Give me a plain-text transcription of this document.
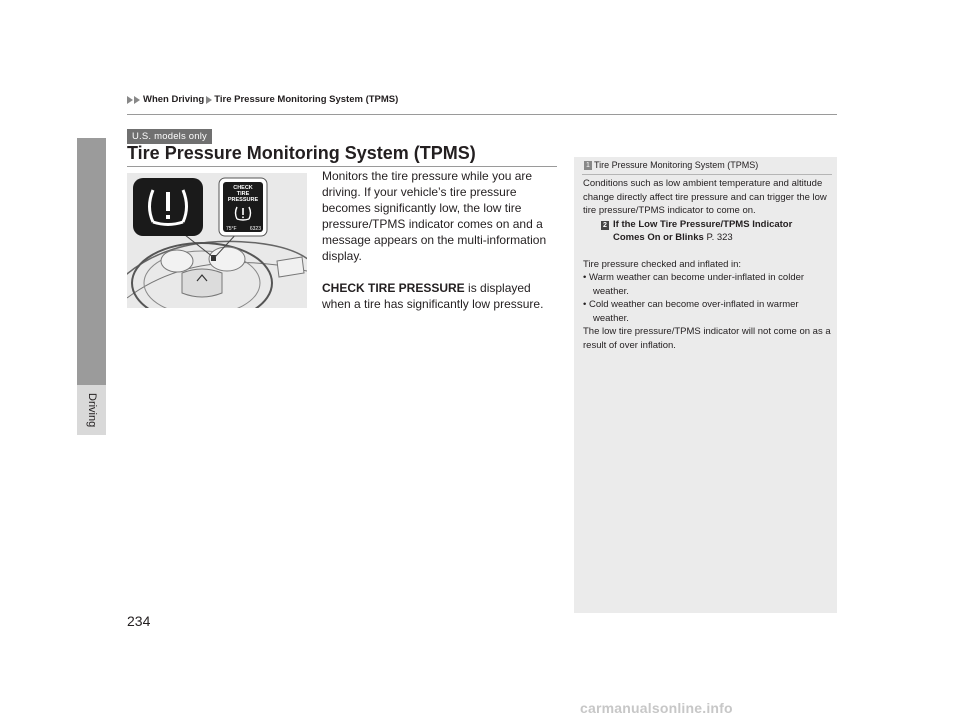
When Driving Tire Pressure Monitoring System (TPMS)
Driving
U.S. models only
Tire Pressure Monitoring System (TPMS)
CHECK
TIRE
PRESSURE
75°F	6323

Monitors the tire pressure while you are driving. If your vehicle’s tire pressure becomes significantly low, the low tire pressure/TPMS indicator comes on and a message appears on the multi-information display.

CHECK TIRE PRESSURE is displayed when a tire has significantly low pressure.

1 Tire Pressure Monitoring System (TPMS)

Conditions such as low ambient temperature and altitude change directly affect tire pressure and can trigger the low tire pressure/TPMS indicator to come on.

2 If the Low Tire Pressure/TPMS Indicator
Comes On or Blinks P. 323

Tire pressure checked and inflated in:

• Warm weather can become under-inflated in colder weather.

• Cold weather can become over-inflated in warmer weather.

The low tire pressure/TPMS indicator will not come on as a result of over inflation.

234
carmanualsonline.info
